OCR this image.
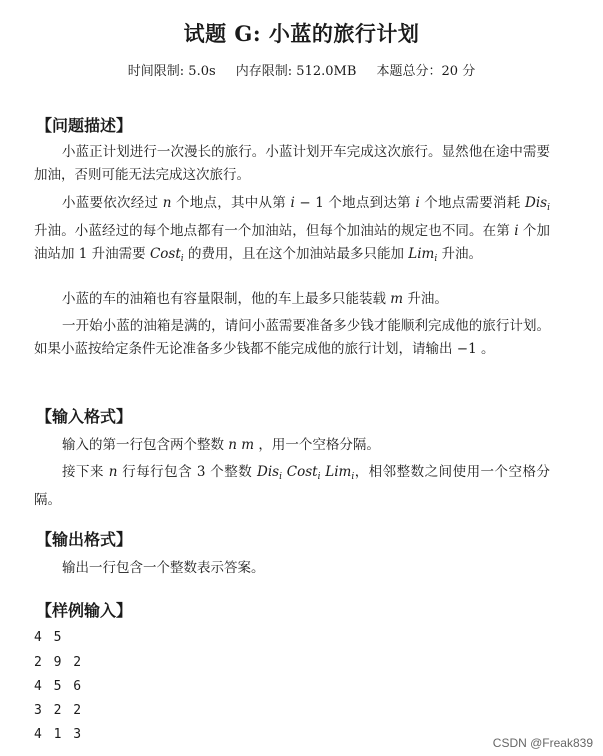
试题 G: 小蓝的旅行计划
时间限制: 5.0s 内存限制: 512.0MB 本题总分：20 分
【问题描述】

小蓝正计划进行一次漫长的旅行。小蓝计划开车完成这次旅行。显然他在途中需要加油，否则可能无法完成这次旅行。

小蓝要依次经过 n 个地点，其中从第 i − 1 个地点到达第 i 个地点需要消耗 Dis$_i$ 升油。小蓝经过的每个地点都有一个加油站，但每个加油站的规定也不同。在第 i 个加油站加 1 升油需要 Cost$_i$ 的费用，且在这个加油站最多只能加 Lim$_i$ 升油。

小蓝的车的油箱也有容量限制，他的车上最多只能装载 m 升油。

一开始小蓝的油箱是满的，请问小蓝需要准备多少钱才能顺利完成他的旅行计划。如果小蓝按给定条件无论准备多少钱都不能完成他的旅行计划，请输出 −1 。

【输入格式】

输入的第一行包含两个整数 n m ，用一个空格分隔。

接下来 n 行每行包含 3 个整数 Dis$_i$ Cost$_i$ Lim$_i$，相邻整数之间使用一个空格分隔。

【输出格式】

输出一行包含一个整数表示答案。

【样例输入】
4 5
2 9 2
4 5 6
3 2 2
4 1 3
CSDN @Freak839
